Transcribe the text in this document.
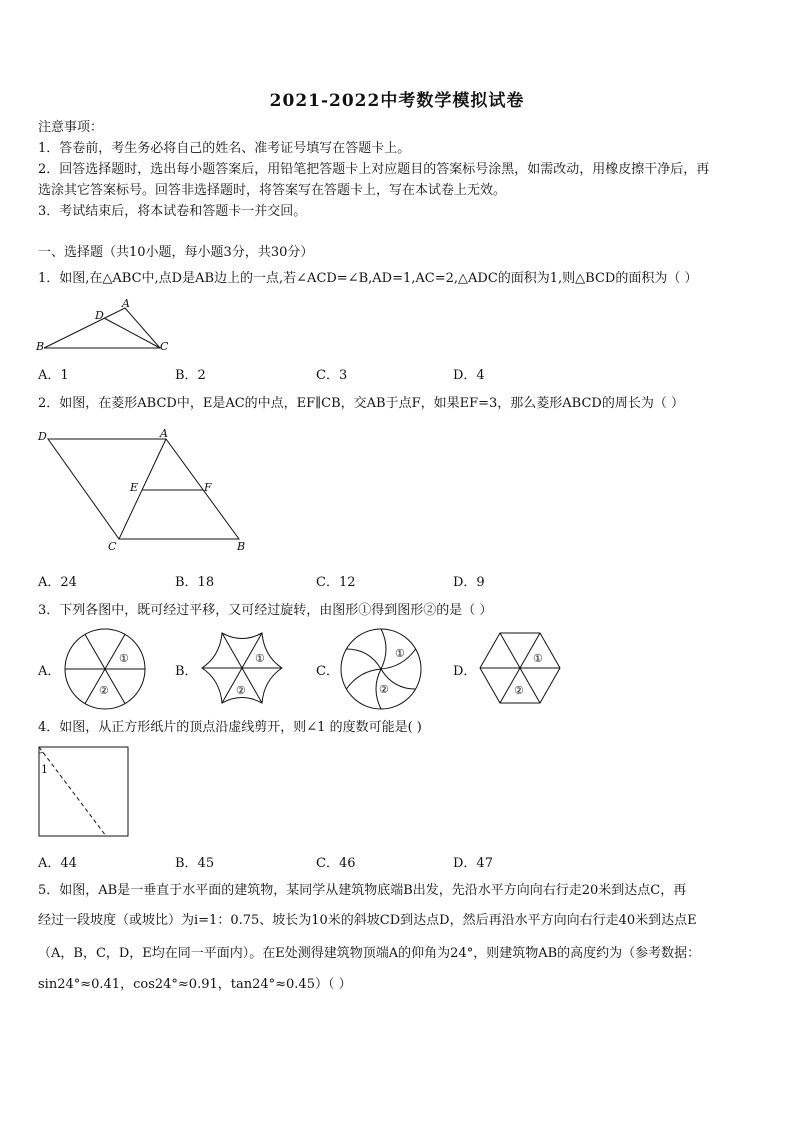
2021-2022中考数学模拟试卷
注意事项：
1．答卷前，考生务必将自己的姓名、准考证号填写在答题卡上。
2．回答选择题时，选出每小题答案后，用铅笔把答题卡上对应题目的答案标号涂黑，如需改动，用橡皮擦干净后，再
选涂其它答案标号。回答非选择题时，将答案写在答题卡上，写在本试卷上无效。
3．考试结束后，将本试卷和答题卡一并交回。
一、选择题（共10小题，每小题3分，共30分）
1．如图,在△ABC中,点D是AB边上的一点,若∠ACD=∠B,AD=1,AC=2,△ADC的面积为1,则△BCD的面积为（ ）
A
B	C
D
A．1	B．2	C．3	D．4
2．如图，在菱形ABCD中，E是AC的中点，EF∥CB，交AB于点F，如果EF=3，那么菱形ABCD的周长为（ ）
D	A
C	B
E	F
A．24	B．18	C．12	D．9
3．下列各图中，既可经过平移，又可经过旋转，由图形①得到图形②的是（ ）
A．
①
②
B．
①
②
C．
①
②
D．
①
②
4．如图，从正方形纸片的顶点沿虚线剪开，则∠1 的度数可能是( )
1
A．44	B．45	C．46	D．47
5．如图，AB是一垂直于水平面的建筑物，某同学从建筑物底端B出发，先沿水平方向向右行走20米到达点C，再
经过一段坡度（或坡比）为i=1：0.75、坡长为10米的斜坡CD到达点D，然后再沿水平方向向右行走40米到达点E
（A，B，C，D，E均在同一平面内）。在E处测得建筑物顶端A的仰角为24°，则建筑物AB的高度约为（参考数据：
sin24°≈0.41，cos24°≈0.91，tan24°≈0.45）（ ）
